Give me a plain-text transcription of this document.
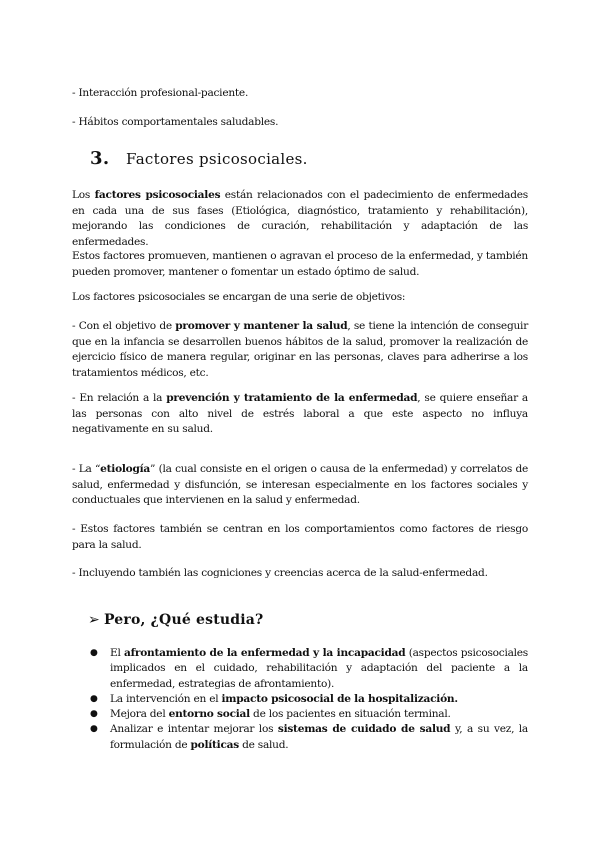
- Interacción profesional-paciente.

- Hábitos comportamentales saludables.

3. Factores psicosociales.

Los factores psicosociales están relacionados con el padecimiento de enfermedades en cada una de sus fases (Etiológica, diagnóstico, tratamiento y rehabilitación), mejorando las condiciones de curación, rehabilitación y adaptación de las enfermedades.

Estos factores promueven, mantienen o agravan el proceso de la enfermedad, y también pueden promover, mantener o fomentar un estado óptimo de salud.

Los factores psicosociales se encargan de una serie de objetivos:

- Con el objetivo de promover y mantener la salud, se tiene la intención de conseguir que en la infancia se desarrollen buenos hábitos de la salud, promover la realización de ejercicio físico de manera regular, originar en las personas, claves para adherirse a los tratamientos médicos, etc.

- En relación a la prevención y tratamiento de la enfermedad, se quiere enseñar a las personas con alto nivel de estrés laboral a que este aspecto no influya negativamente en su salud.

- La “etiología” (la cual consiste en el origen o causa de la enfermedad) y correlatos de salud, enfermedad y disfunción, se interesan especialmente en los factores sociales y conductuales que intervienen en la salud y enfermedad.

- Estos factores también se centran en los comportamientos como factores de riesgo para la salud.

- Incluyendo también las cogniciones y creencias acerca de la salud-enfermedad.

➢ Pero, ¿Qué estudia?
● El afrontamiento de la enfermedad y la incapacidad (aspectos psicosociales implicados en el cuidado, rehabilitación y adaptación del paciente a la enfermedad, estrategias de afrontamiento).
● La intervención en el impacto psicosocial de la hospitalización.
● Mejora del entorno social de los pacientes en situación terminal.
● Analizar e intentar mejorar los sistemas de cuidado de salud y, a su vez, la formulación de políticas de salud.
